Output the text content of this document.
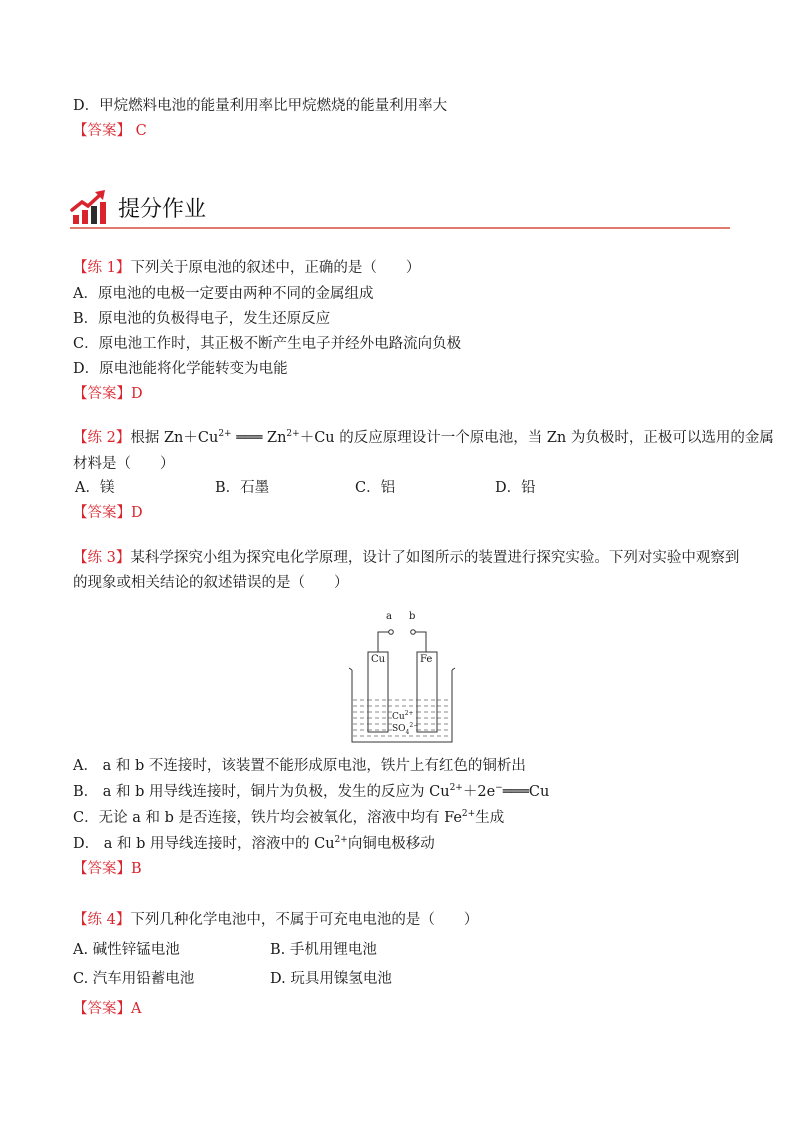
D．甲烷燃料电池的能量利用率比甲烷燃烧的能量利用率大
【答案】 C
提分作业
【练 1】下列关于原电池的叙述中，正确的是（　　）
A．原电池的电极一定要由两种不同的金属组成
B．原电池的负极得电子，发生还原反应
C．原电池工作时，其正极不断产生电子并经外电路流向负极
D．原电池能将化学能转变为电能
【答案】D
【练 2】根据 $Zn+Cu^{2+}$ ═══ $Zn^{2+}+Cu$ 的反应原理设计一个原电池，当 Zn 为负极时，正极可以选用的金属
材料是（　　）
A．镁	B．石墨	C．铝	D．铅
【答案】D
【练 3】某科学探究小组为探究电化学原理，设计了如图所示的装置进行探究实验。下列对实验中观察到
的现象或相关结论的叙述错误的是（　　）
a b
Cu	Fe
$Cu^{2+}$
$SO_4^{2-}$
A． a 和 b 不连接时，该装置不能形成原电池，铁片上有红色的铜析出
B． a 和 b 用导线连接时，铜片为负极，发生的反应为 $Cu^{2+}+2e^-═══Cu$
C．无论 a 和 b 是否连接，铁片均会被氧化，溶液中均有 $Fe^{2+}$生成
D． a 和 b 用导线连接时，溶液中的 $Cu^{2+}$向铜电极移动
【答案】B
【练 4】下列几种化学电池中，不属于可充电电池的是（　　）
A. 碱性锌锰电池	B. 手机用锂电池
C. 汽车用铅蓄电池	D. 玩具用镍氢电池
【答案】A
